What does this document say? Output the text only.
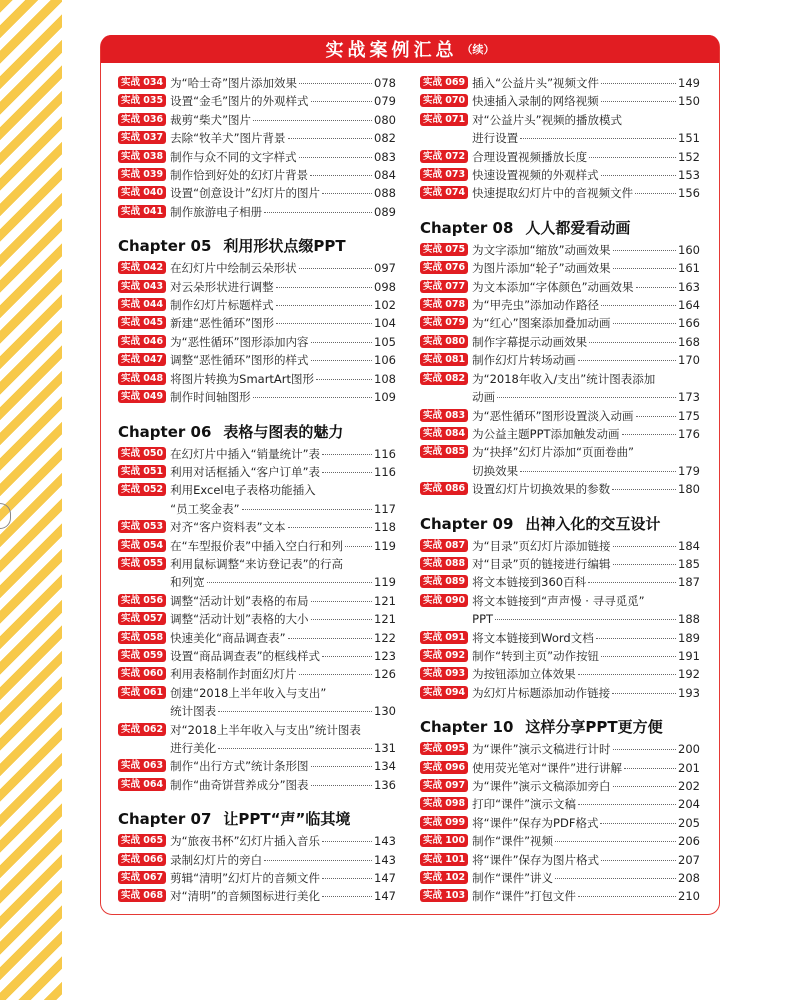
实战案例汇总 （续）
实战 034 为“哈士奇”图片添加效果	078
实战 035 设置“金毛”图片的外观样式	079
实战 036 裁剪“柴犬”图片	080
实战 037 去除“牧羊犬”图片背景	082
实战 038 制作与众不同的文字样式	083
实战 039 制作恰到好处的幻灯片背景	084
实战 040 设置“创意设计”幻灯片的图片	088
实战 041 制作旅游电子相册	089
Chapter 05 利用形状点缀PPT
实战 042 在幻灯片中绘制云朵形状	097
实战 043 对云朵形状进行调整	098
实战 044 制作幻灯片标题样式	102
实战 045 新建“恶性循环”图形	104
实战 046 为“恶性循环”图形添加内容	105
实战 047 调整“恶性循环”图形的样式	106
实战 048 将图片转换为SmartArt图形	108
实战 049 制作时间轴图形	109
Chapter 06 表格与图表的魅力
实战 050 在幻灯片中插入“销量统计”表	116
实战 051 利用对话框插入“客户订单”表	116
实战 052 利用Excel电子表格功能插入
“员工奖金表”	117
实战 053 对齐“客户资料表”文本	118
实战 054 在“车型报价表”中插入空白行和列	119
实战 055 利用鼠标调整“来访登记表”的行高
和列宽	119
实战 056 调整“活动计划”表格的布局	121
实战 057 调整“活动计划”表格的大小	121
实战 058 快速美化“商品调查表”	122
实战 059 设置“商品调查表”的框线样式	123
实战 060 利用表格制作封面幻灯片	126
实战 061 创建“2018上半年收入与支出”
统计图表	130
实战 062 对“2018上半年收入与支出”统计图表
进行美化	131
实战 063 制作“出行方式”统计条形图	134
实战 064 制作“曲奇饼营养成分”图表	136
Chapter 07 让PPT“声”临其境
实战 065 为“旅夜书杯”幻灯片插入音乐	143
实战 066 录制幻灯片的旁白	143
实战 067 剪辑“清明”幻灯片的音频文件	147
实战 068 对“清明”的音频图标进行美化	147
实战 069 插入“公益片头”视频文件	149
实战 070 快速插入录制的网络视频	150
实战 071 对“公益片头”视频的播放模式
进行设置	151
实战 072 合理设置视频播放长度	152
实战 073 快速设置视频的外观样式	153
实战 074 快速提取幻灯片中的音视频文件	156
Chapter 08 人人都爱看动画
实战 075 为文字添加“缩放”动画效果	160
实战 076 为图片添加“轮子”动画效果	161
实战 077 为文本添加“字体颜色”动画效果	163
实战 078 为“甲壳虫”添加动作路径	164
实战 079 为“红心”图案添加叠加动画	166
实战 080 制作字幕提示动画效果	168
实战 081 制作幻灯片转场动画	170
实战 082 为“2018年收入/支出”统计图表添加
动画	173
实战 083 为“恶性循环”图形设置淡入动画	175
实战 084 为公益主题PPT添加触发动画	176
实战 085 为“抉择”幻灯片添加“页面卷曲”
切换效果	179
实战 086 设置幻灯片切换效果的参数	180
Chapter 09 出神入化的交互设计
实战 087 为“目录”页幻灯片添加链接	184
实战 088 对“目录”页的链接进行编辑	185
实战 089 将文本链接到360百科	187
实战 090 将文本链接到“声声慢 · 寻寻觅觅”
PPT	188
实战 091 将文本链接到Word文档	189
实战 092 制作“转到主页”动作按钮	191
实战 093 为按钮添加立体效果	192
实战 094 为幻灯片标题添加动作链接	193
Chapter 10 这样分享PPT更方便
实战 095 为“课件”演示文稿进行计时	200
实战 096 使用荧光笔对“课件”进行讲解	201
实战 097 为“课件”演示文稿添加旁白	202
实战 098 打印“课件”演示文稿	204
实战 099 将“课件”保存为PDF格式	205
实战 100 制作“课件”视频	206
实战 101 将“课件”保存为图片格式	207
实战 102 制作“课件”讲义	208
实战 103 制作“课件”打包文件	210
